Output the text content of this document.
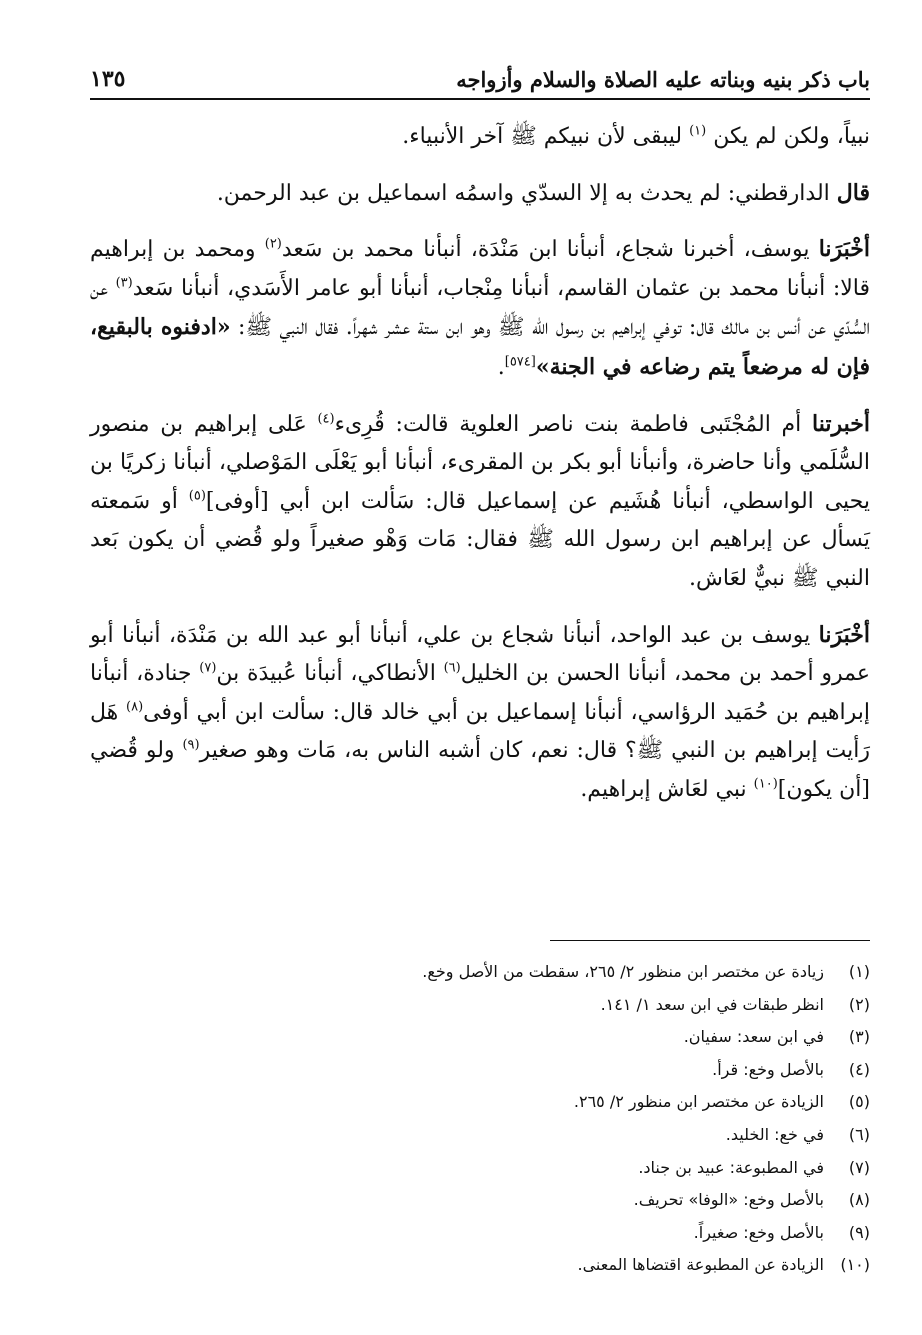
١٣٥	باب ذكر بنيه وبناته عليه الصلاة والسلام وأزواجه

نبياً، ولكن لم يكن $^{(١)}$ ليبقى لأن نبيكم ﷺ آخر الأنبياء.

قال الدارقطني: لم يحدث به إلا السدّي واسمُه اسماعيل بن عبد الرحمن.

أخْبَرَنا يوسف، أخبرنا شجاع، أنبأنا ابن مَنْدَة، أنبأنا محمد بن سَعد$^{(٢)}$ ومحمد بن إبراهيم قالا: أنبأنا محمد بن عثمان القاسم، أنبأنا مِنْجاب، أنبأنا أبو عامر الأَسَدي، أنبأنا سَعد$^{(٣)}$ عن السُّدّي عن أنس بن مالك قال: توفي إبراهيم بن رسول الله ﷺ وهو ابن ستة عشر شهراً. فقال النبي ﷺ: «ادفنوه بالبقيع، فإن له مرضعاً يتم رضاعه في الجنة»[٥٧٤].

أخبرتنا أم المُجْتَبى فاطمة بنت ناصر العلوية قالت: قُرِىء$^{(٤)}$ عَلى إبراهيم بن منصور السُّلَمي وأنا حاضرة، وأنبأنا أبو بكر بن المقرىء، أنبأنا أبو يَعْلَى المَوْصلي، أنبأنا زكريًا بن يحيى الواسطي، أنبأنا هُشَيم عن إسماعيل قال: سَألت ابن أبي [أوفى]$^{(٥)}$ أو سَمعته يَسأل عن إبراهيم ابن رسول الله ﷺ فقال: مَات وَهْو صغيراً ولو قُضي أن يكون بَعد النبي ﷺ نبيٌّ لعَاش.

أخْبَرَنا يوسف بن عبد الواحد، أنبأنا شجاع بن علي، أنبأنا أبو عبد الله بن مَنْدَة، أنبأنا أبو عمرو أحمد بن محمد، أنبأنا الحسن بن الخليل$^{(٦)}$ الأنطاكي، أنبأنا عُبيدَة بن$^{(٧)}$ جنادة، أنبأنا إبراهيم بن حُمَيد الرؤاسي، أنبأنا إسماعيل بن أبي خالد قال: سألت ابن أبي أوفى$^{(٨)}$ هَل رَأيت إبراهيم بن النبي ﷺ؟ قال: نعم، كان أشبه الناس به، مَات وهو صغير$^{(٩)}$ ولو قُضي [أن يكون]$^{(١٠)}$ نبي لعَاش إبراهيم.

(١)
زيادة عن مختصر ابن منظور ٢/ ٢٦٥، سقطت من الأصل وخع.
(٢)
انظر طبقات في ابن سعد ١/ ١٤١.
(٣)
في ابن سعد: سفيان.
(٤)
بالأصل وخع: قرأ.
(٥)
الزيادة عن مختصر ابن منظور ٢/ ٢٦٥.
(٦)
في خع: الخليد.
(٧)
في المطبوعة: عبيد بن جناد.
(٨)
بالأصل وخع: «الوفا» تحريف.
(٩)
بالأصل وخع: صغيراً.
(١٠)
الزيادة عن المطبوعة اقتضاها المعنى.
